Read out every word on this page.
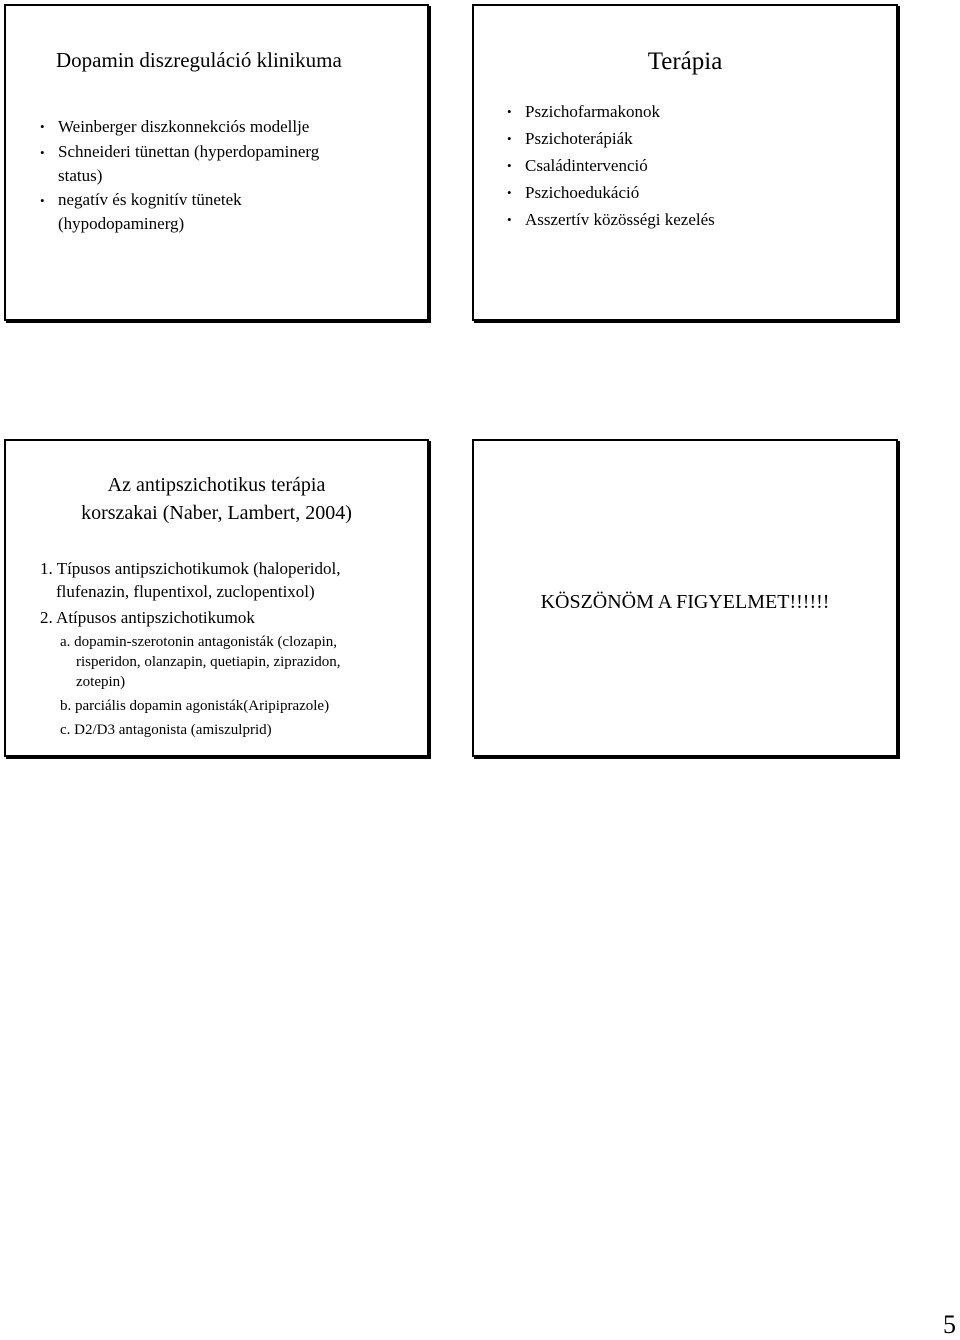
Dopamin diszreguláció klinikuma
• Weinberger diszkonnekciós modellje
• Schneideri tünettan (hyperdopaminerg
status)
• negatív és kognitív tünetek
(hypodopaminerg)
Terápia
• Pszichofarmakonok
• Pszichoterápiák
• Családintervenció
• Pszichoedukáció
• Asszertív közösségi kezelés
Az antipszichotikus terápia
korszakai (Naber, Lambert, 2004)
1. Típusos antipszichotikumok (haloperidol,
flufenazin, flupentixol, zuclopentixol)
2. Atípusos antipszichotikumok
a. dopamin-szerotonin antagonisták (clozapin,
risperidon, olanzapin, quetiapin, ziprazidon,
zotepin)
b. parciális dopamin agonisták(Aripiprazole)
c. D2/D3 antagonista (amiszulprid)
KÖSZÖNÖM A FIGYELMET!!!!!!
5
